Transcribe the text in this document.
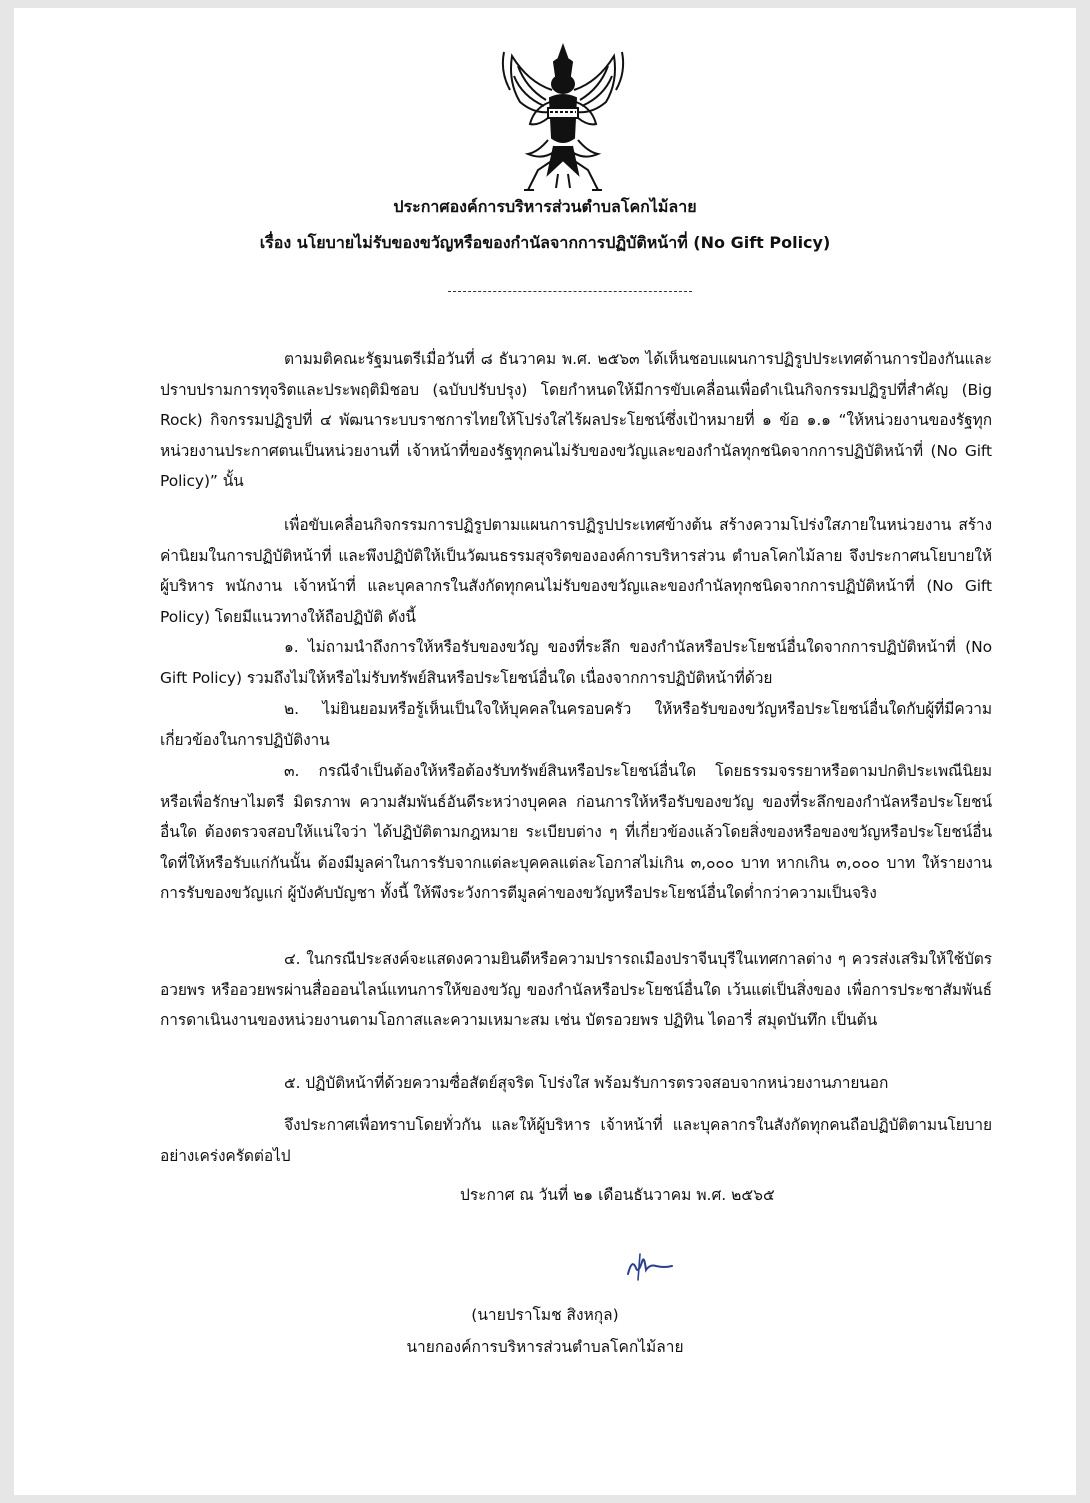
ประกาศองค์การบริหารส่วนตำบลโคกไม้ลาย
เรื่อง นโยบายไม่รับของขวัญหรือของกำนัลจากการปฏิบัติหน้าที่ (No Gift Policy)
ตามมติคณะรัฐมนตรีเมื่อวันที่ ๘ ธันวาคม พ.ศ. ๒๕๖๓ ได้เห็นชอบแผนการปฏิรูปประเทศด้านการป้องกันและปราบปรามการทุจริตและประพฤติมิชอบ (ฉบับปรับปรุง) โดยกำหนดให้มีการขับเคลื่อนเพื่อดำเนินกิจกรรมปฏิรูปที่สำคัญ (Big Rock) กิจกรรมปฏิรูปที่ ๔ พัฒนาระบบราชการไทยให้โปร่งใสไร้ผลประโยชน์ซึ่งเป้าหมายที่ ๑ ข้อ ๑.๑ “ให้หน่วยงานของรัฐทุกหน่วยงานประกาศตนเป็นหน่วยงานที่ เจ้าหน้าที่ของรัฐทุกคนไม่รับของขวัญและของกำนัลทุกชนิดจากการปฏิบัติหน้าที่ (No Gift Policy)” นั้น
เพื่อขับเคลื่อนกิจกรรมการปฏิรูปตามแผนการปฏิรูปประเทศข้างต้น สร้างความโปร่งใสภายในหน่วยงาน สร้างค่านิยมในการปฏิบัติหน้าที่ และพึงปฏิบัติให้เป็นวัฒนธรรมสุจริตขององค์การบริหารส่วน ตำบลโคกไม้ลาย จึงประกาศนโยบายให้ผู้บริหาร พนักงาน เจ้าหน้าที่ และบุคลากรในสังกัดทุกคนไม่รับของขวัญและของกำนัลทุกชนิดจากการปฏิบัติหน้าที่ (No Gift Policy) โดยมีแนวทางให้ถือปฏิบัติ ดังนี้
๑. ไม่ถามนำถึงการให้หรือรับของขวัญ ของที่ระลึก ของกำนัลหรือประโยชน์อื่นใดจากการปฏิบัติหน้าที่ (No Gift Policy) รวมถึงไม่ให้หรือไม่รับทรัพย์สินหรือประโยชน์อื่นใด เนื่องจากการปฏิบัติหน้าที่ด้วย
๒. ไม่ยินยอมหรือรู้เห็นเป็นใจให้บุคคลในครอบครัว ให้หรือรับของขวัญหรือประโยชน์อื่นใดกับผู้ที่มีความเกี่ยวข้องในการปฏิบัติงาน
๓. กรณีจำเป็นต้องให้หรือต้องรับทรัพย์สินหรือประโยชน์อื่นใด โดยธรรมจรรยาหรือตามปกติประเพณีนิยม หรือเพื่อรักษาไมตรี มิตรภาพ ความสัมพันธ์อันดีระหว่างบุคคล ก่อนการให้หรือรับของขวัญ ของที่ระลึกของกำนัลหรือประโยชน์อื่นใด ต้องตรวจสอบให้แน่ใจว่า ได้ปฏิบัติตามกฎหมาย ระเบียบต่าง ๆ ที่เกี่ยวข้องแล้วโดยสิ่งของหรือของขวัญหรือประโยชน์อื่นใดที่ให้หรือรับแก่กันนั้น ต้องมีมูลค่าในการรับจากแต่ละบุคคลแต่ละโอกาสไม่เกิน ๓,๐๐๐ บาท หากเกิน ๓,๐๐๐ บาท ให้รายงานการรับของขวัญแก่ ผู้บังคับบัญชา ทั้งนี้ ให้พึงระวังการตีมูลค่าของขวัญหรือประโยชน์อื่นใดต่ำกว่าความเป็นจริง
๔. ในกรณีประสงค์จะแสดงความยินดีหรือความปรารถเมืองปราจีนบุรีในเทศกาลต่าง ๆ ควรส่งเสริมให้ใช้บัตรอวยพร หรืออวยพรผ่านสื่อออนไลน์แทนการให้ของขวัญ ของกำนัลหรือประโยชน์อื่นใด เว้นแต่เป็นสิ่งของ เพื่อการประชาสัมพันธ์การดาเนินงานของหน่วยงานตามโอกาสและความเหมาะสม เช่น บัตรอวยพร ปฏิทิน ไดอารี่ สมุดบันทึก เป็นต้น
๕. ปฏิบัติหน้าที่ด้วยความซื่อสัตย์สุจริต โปร่งใส พร้อมรับการตรวจสอบจากหน่วยงานภายนอก
จึงประกาศเพื่อทราบโดยทั่วกัน และให้ผู้บริหาร เจ้าหน้าที่ และบุคลากรในสังกัดทุกคนถือปฏิบัติตามนโยบายอย่างเคร่งครัดต่อไป
ประกาศ ณ วันที่ ๒๑ เดือนธันวาคม พ.ศ. ๒๕๖๕
(นายปราโมช สิงหกุล)
นายกองค์การบริหารส่วนตำบลโคกไม้ลาย
